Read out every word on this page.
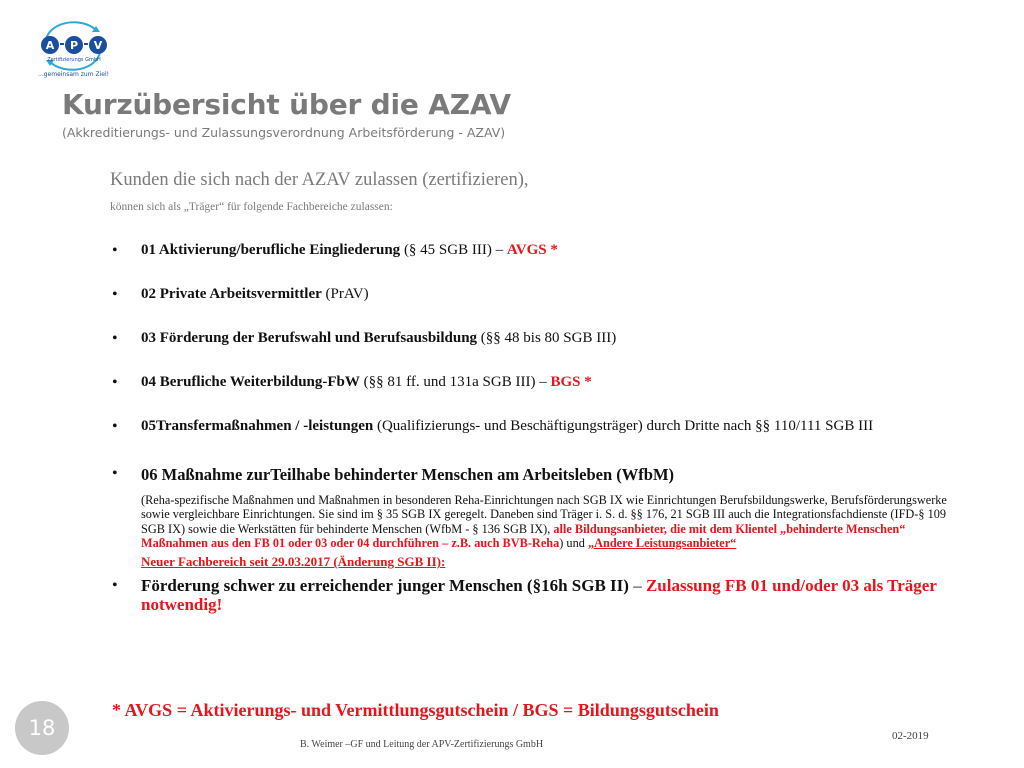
A P V
Zertifizierungs GmbH
...gemeinsam zum Ziel!
Kurzübersicht über die AZAV
(Akkreditierungs- und Zulassungsverordnung Arbeitsförderung - AZAV)
Kunden die sich nach der AZAV zulassen (zertifizieren),
können sich als „Träger“ für folgende Fachbereiche zulassen:
• 01 Aktivierung/berufliche Eingliederung (§ 45 SGB III) – AVGS *
• 02 Private Arbeitsvermittler (PrAV)
• 03 Förderung der Berufswahl und Berufsausbildung (§§ 48 bis 80 SGB III)
• 04 Berufliche Weiterbildung-FbW (§§ 81 ff. und 131a SGB III) – BGS *
• 05Transfermaßnahmen / -leistungen (Qualifizierungs- und Beschäftigungsträger) durch Dritte nach §§ 110/111 SGB III
• 06 Maßnahme zurTeilhabe behinderter Menschen am Arbeitsleben (WfbM)
(Reha-spezifische Maßnahmen und Maßnahmen in besonderen Reha-Einrichtungen nach SGB IX wie Einrichtungen Berufsbildungswerke, Berufsförderungswerke sowie vergleichbare Einrichtungen. Sie sind im § 35 SGB IX geregelt. Daneben sind Träger i. S. d. §§ 176, 21 SGB III auch die Integrationsfachdienste (IFD-§ 109 SGB IX) sowie die Werkstätten für behinderte Menschen (WfbM - § 136 SGB IX), alle Bildungsanbieter, die mit dem Klientel „behinderte Menschen“ Maßnahmen aus den FB 01 oder 03 oder 04 durchführen – z.B. auch BVB-Reha) und „Andere Leistungsanbieter“
Neuer Fachbereich seit 29.03.2017 (Änderung SGB II):
• Förderung schwer zu erreichender junger Menschen (§16h SGB II) – Zulassung FB 01 und/oder 03 als Träger notwendig!
* AVGS = Aktivierungs- und Vermittlungsgutschein / BGS = Bildungsgutschein
18
B. Weimer –GF und Leitung der APV-Zertifizierungs GmbH
02-2019
